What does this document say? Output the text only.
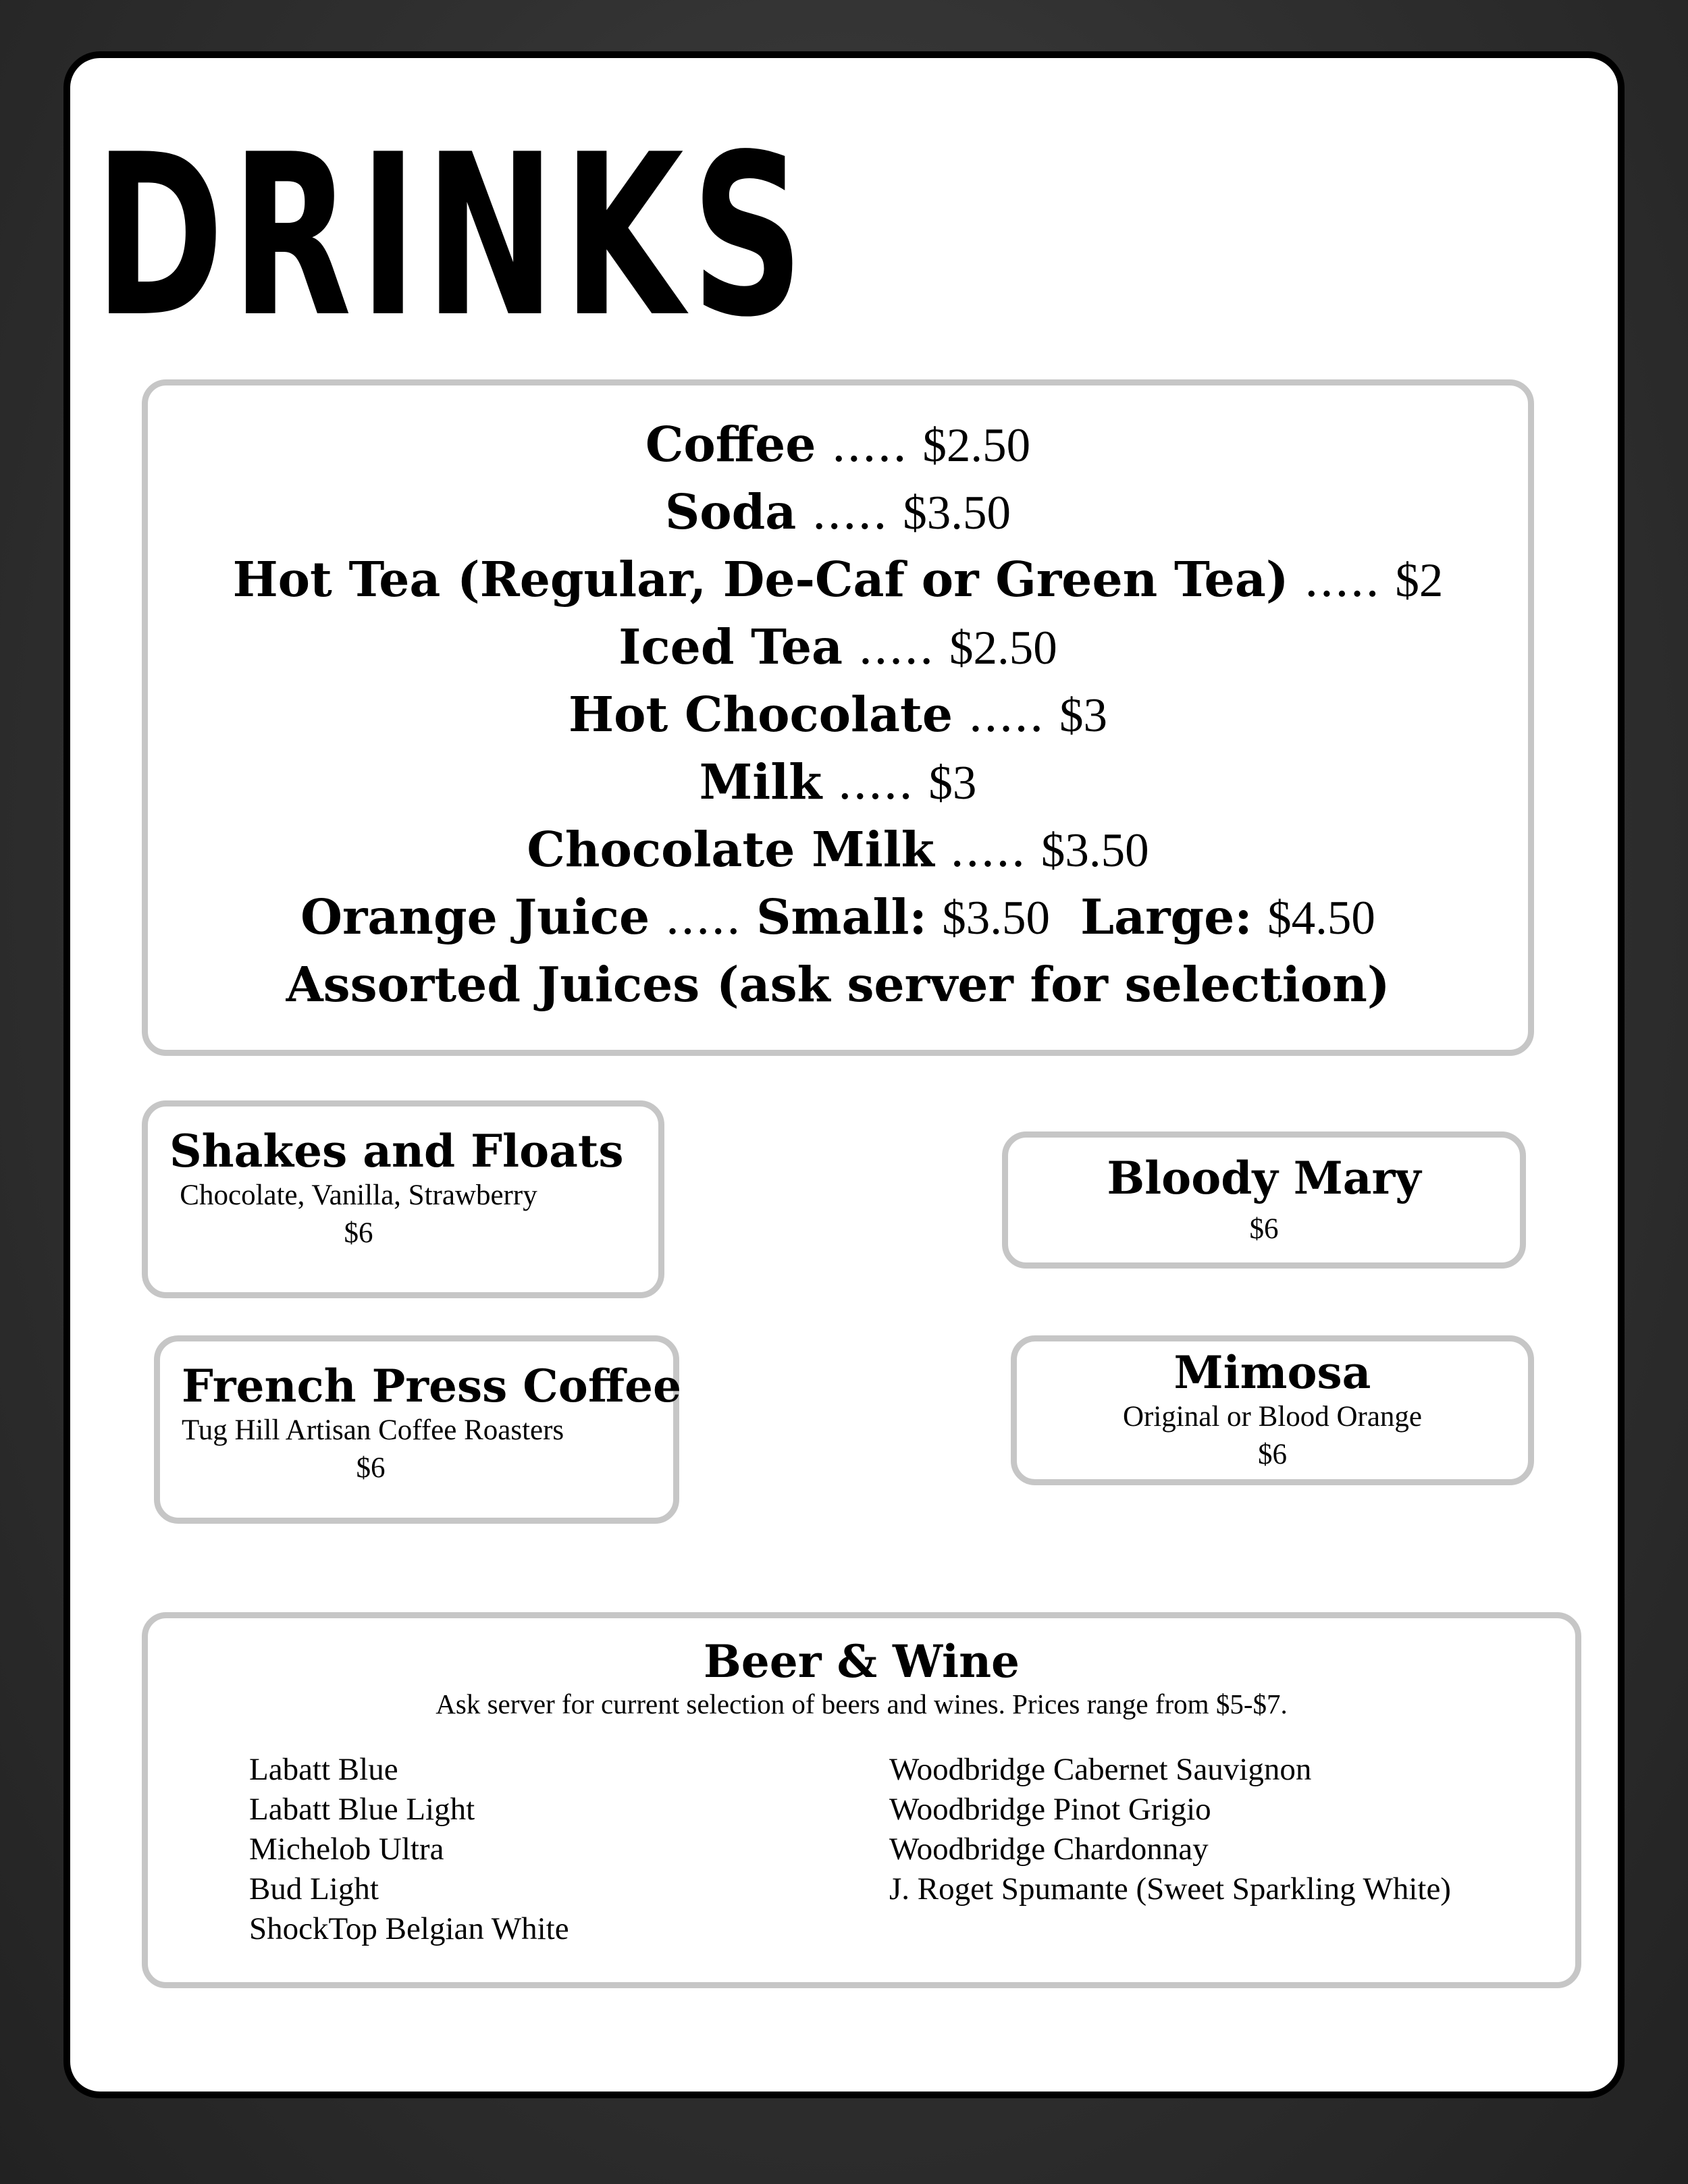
DRINKS
Coffee ..... $2.50
Soda ..... $3.50
Hot Tea (Regular, De-Caf or Green Tea) ..... $2
Iced Tea ..... $2.50
Hot Chocolate ..... $3
Milk ..... $3
Chocolate Milk ..... $3.50
Orange Juice ..... Small: $3.50 Large: $4.50
Assorted Juices (ask server for selection)
Shakes and Floats
Chocolate, Vanilla, Strawberry
$6
Bloody Mary
$6
French Press Coffee
Tug Hill Artisan Coffee Roasters
$6
Mimosa
Original or Blood Orange
$6
Beer & Wine
Ask server for current selection of beers and wines. Prices range from $5-$7.
Labatt Blue
Labatt Blue Light
Michelob Ultra
Bud Light
ShockTop Belgian White
Woodbridge Cabernet Sauvignon
Woodbridge Pinot Grigio
Woodbridge Chardonnay
J. Roget Spumante (Sweet Sparkling White)
